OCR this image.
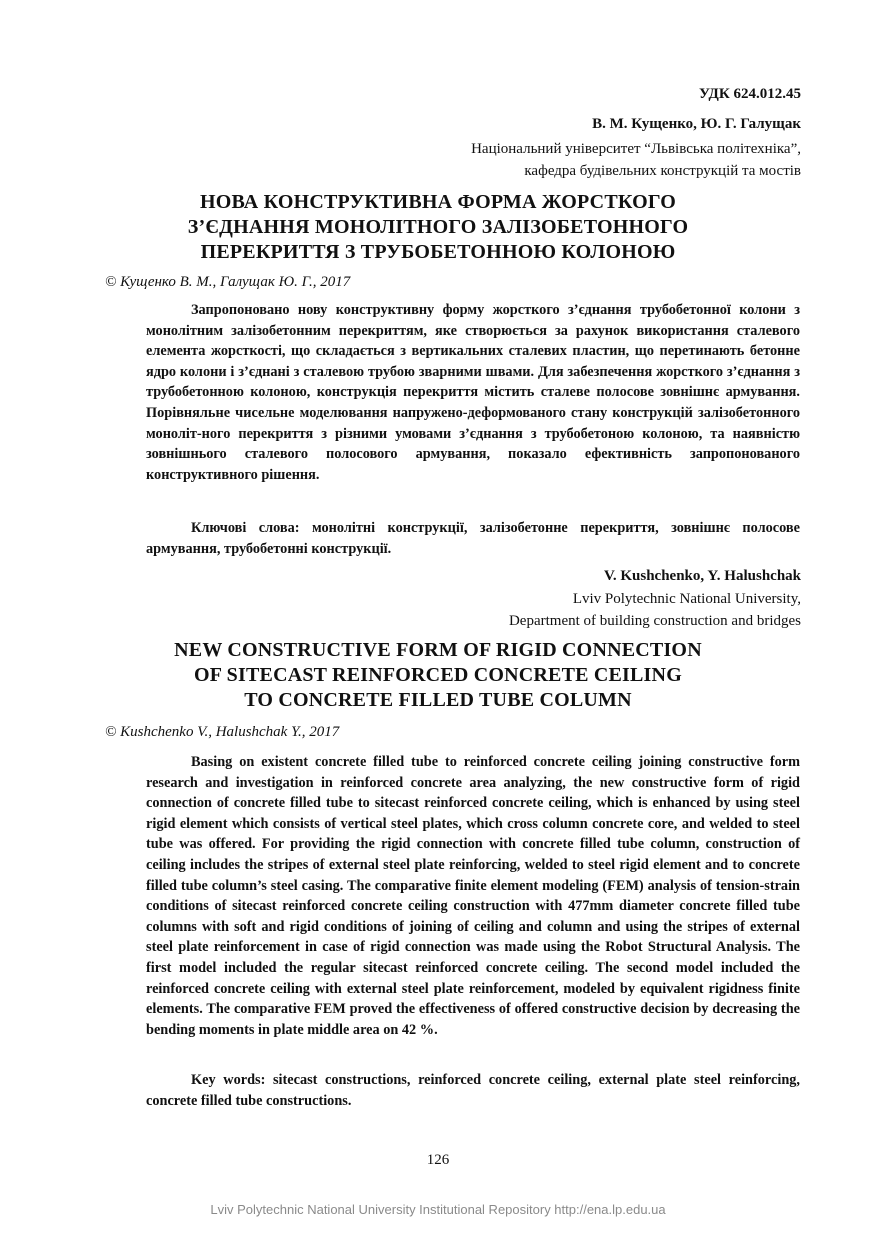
УДК 624.012.45
В. М. Кущенко, Ю. Г. Галущак
Національний університет “Львівська політехніка”,
кафедра будівельних конструкцій та мостів
НОВА КОНСТРУКТИВНА ФОРМА ЖОРСТКОГО
З’ЄДНАННЯ МОНОЛІТНОГО ЗАЛІЗОБЕТОННОГО
ПЕРЕКРИТТЯ З ТРУБОБЕТОННОЮ КОЛОНОЮ
© Кущенко В. М., Галущак Ю. Г., 2017
Запропоновано нову конструктивну форму жорсткого з’єднання трубобетонної колони з монолітним залізобетонним перекриттям, яке створюється за рахунок використання сталевого елемента жорсткості, що складається з вертикальних сталевих пластин, що перетинають бетонне ядро колони і з’єднані з сталевою трубою зварними швами. Для забезпечення жорсткого з’єднання з трубобетонною колоною, конструкція перекриття містить сталеве полосове зовнішнє армування. Порівняльне чисельне моделювання напружено-деформованого стану конструкцій залізобетонного моноліт-ного перекриття з різними умовами з’єднання з трубобетоною колоною, та наявністю зовнішнього сталевого полосового армування, показало ефективність запропонованого конструктивного рішення.
Ключові слова: монолітні конструкції, залізобетонне перекриття, зовнішнє полосове армування, трубобетонні конструкції.
V. Kushchenko, Y. Halushchak
Lviv Polytechnic National University,
Department of building construction and bridges
NEW CONSTRUCTIVE FORM OF RIGID CONNECTION
OF SITECAST REINFORCED CONCRETE CEILING
TO CONCRETE FILLED TUBE COLUMN
© Kushchenko V., Halushchak Y., 2017
Basing on existent concrete filled tube to reinforced concrete ceiling joining constructive form research and investigation in reinforced concrete area analyzing, the new constructive form of rigid connection of concrete filled tube to sitecast reinforced concrete ceiling, which is enhanced by using steel rigid element which consists of vertical steel plates, which cross column concrete core, and welded to steel tube was offered. For providing the rigid connection with concrete filled tube column, construction of ceiling includes the stripes of external steel plate reinforcing, welded to steel rigid element and to concrete filled tube column’s steel casing. The comparative finite element modeling (FEM) analysis of tension-strain conditions of sitecast reinforced concrete ceiling construction with 477mm diameter concrete filled tube columns with soft and rigid conditions of joining of ceiling and column and using the stripes of external steel plate reinforcement in case of rigid connection was made using the Robot Structural Analysis. The first model included the regular sitecast reinforced concrete ceiling. The second model included the reinforced concrete ceiling with external steel plate reinforcement, modeled by equivalent rigidness finite elements. The comparative FEM proved the effectiveness of offered constructive decision by decreasing the bending moments in plate middle area on 42 %.
Key words: sitecast constructions, reinforced concrete ceiling, external plate steel reinforcing, concrete filled tube constructions.
126
Lviv Polytechnic National University Institutional Repository http://ena.lp.edu.ua
